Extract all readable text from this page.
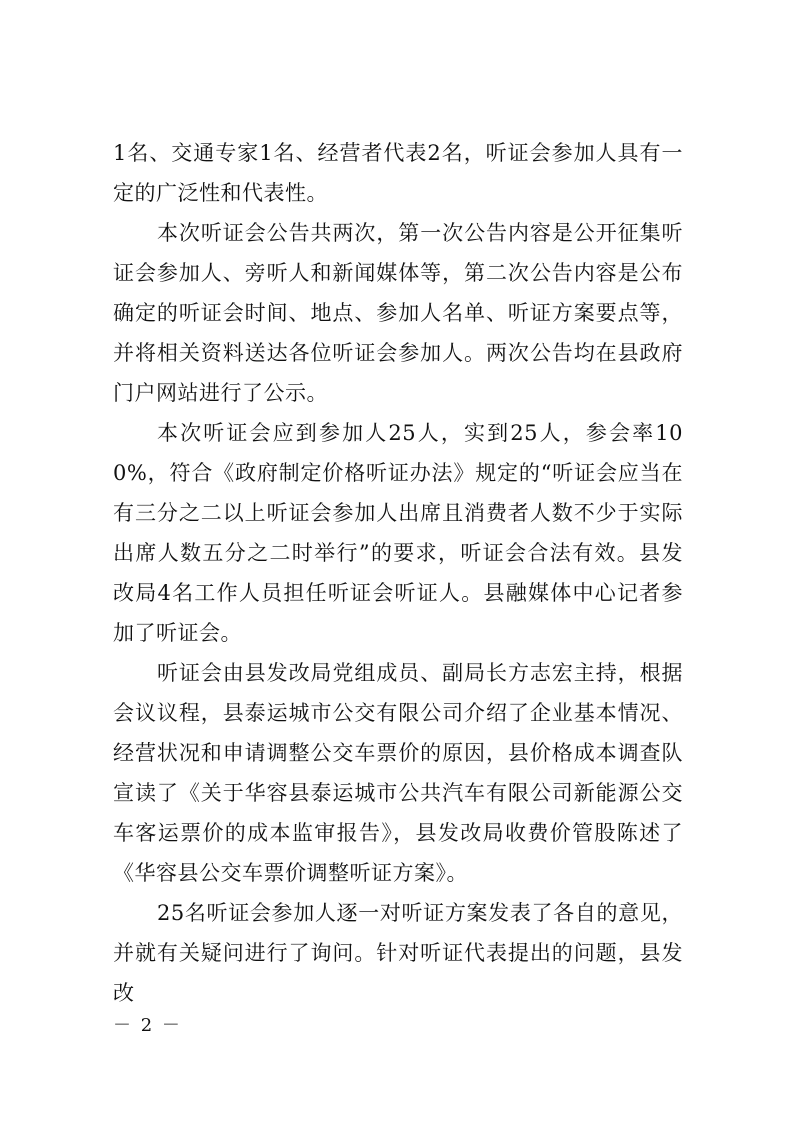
1名、交通专家1名、经营者代表2名，听证会参加人具有一定的广泛性和代表性。

本次听证会公告共两次，第一次公告内容是公开征集听证会参加人、旁听人和新闻媒体等，第二次公告内容是公布确定的听证会时间、地点、参加人名单、听证方案要点等，并将相关资料送达各位听证会参加人。两次公告均在县政府门户网站进行了公示。

本次听证会应到参加人25人，实到25人，参会率100%，符合《政府制定价格听证办法》规定的“听证会应当在有三分之二以上听证会参加人出席且消费者人数不少于实际出席人数五分之二时举行”的要求，听证会合法有效。县发改局4名工作人员担任听证会听证人。县融媒体中心记者参加了听证会。

听证会由县发改局党组成员、副局长方志宏主持，根据会议议程，县泰运城市公交有限公司介绍了企业基本情况、经营状况和申请调整公交车票价的原因，县价格成本调查队宣读了《关于华容县泰运城市公共汽车有限公司新能源公交车客运票价的成本监审报告》，县发改局收费价管股陈述了《华容县公交车票价调整听证方案》。

25名听证会参加人逐一对听证方案发表了各自的意见，并就有关疑问进行了询问。针对听证代表提出的问题，县发改

－ 2 －
